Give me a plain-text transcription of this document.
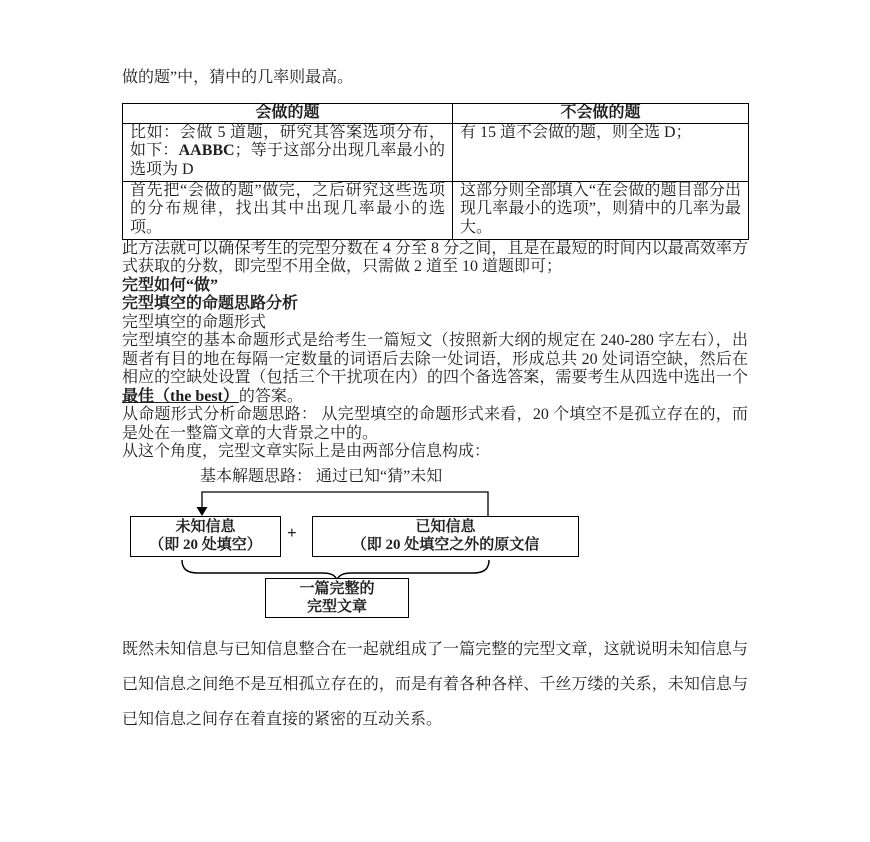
做的题”中，猜中的几率则最高。

会做的题	不会做的题
比如：会做 5 道题，研究其答案选项分布，如下：AABBC；等于这部分出现几率最小的选项为 D	有 15 道不会做的题，则全选 D；
首先把“会做的题”做完，之后研究这些选项的分布规律，找出其中出现几率最小的选项。	这部分则全部填入“在会做的题目部分出现几率最小的选项”，则猜中的几率为最大。

此方法就可以确保考生的完型分数在 4 分至 8 分之间，且是在最短的时间内以最高效率方式获取的分数，即完型不用全做，只需做 2 道至 10 道题即可；

完型如何“做”

完型填空的命题思路分析

完型填空的命题形式
完型填空的基本命题形式是给考生一篇短文（按照新大纲的规定在 240-280 字左右），出题者有目的地在每隔一定数量的词语后去除一处词语，形成总共 20 处词语空缺，然后在相应的空缺处设置（包括三个干扰项在内）的四个备选答案，需要考生从四选中选出一个最佳（the best）的答案。

从命题形式分析命题思路： 从完型填空的命题形式来看，20 个填空不是孤立存在的，而是处在一整篇文章的大背景之中的。

从这个角度，完型文章实际上是由两部分信息构成：

基本解题思路： 通过已知“猜”未知

未知信息
（即 20 处填空）
+	已知信息
（即 20 处填空之外的原文信
一篇完整的
完型文章

既然未知信息与已知信息整合在一起就组成了一篇完整的完型文章，这就说明未知信息与已知信息之间绝不是互相孤立存在的，而是有着各种各样、千丝万缕的关系，未知信息与已知信息之间存在着直接的紧密的互动关系。
